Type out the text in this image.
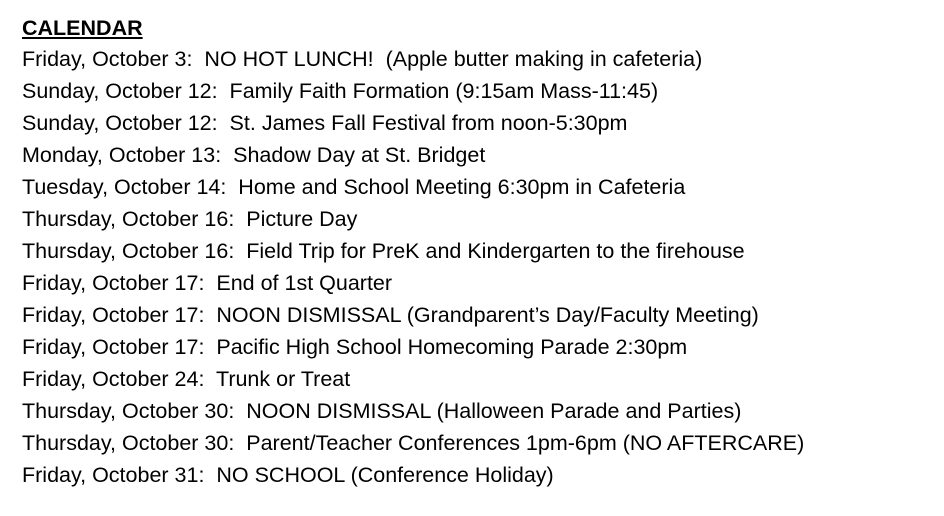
CALENDAR
Friday, October 3:  NO HOT LUNCH!  (Apple butter making in cafeteria)
Sunday, October 12:  Family Faith Formation (9:15am Mass-11:45)
Sunday, October 12:  St. James Fall Festival from noon-5:30pm
Monday, October 13:  Shadow Day at St. Bridget
Tuesday, October 14:  Home and School Meeting 6:30pm in Cafeteria
Thursday, October 16:  Picture Day
Thursday, October 16:  Field Trip for PreK and Kindergarten to the firehouse
Friday, October 17:  End of 1st Quarter
Friday, October 17:  NOON DISMISSAL (Grandparent’s Day/Faculty Meeting)
Friday, October 17:  Pacific High School Homecoming Parade 2:30pm
Friday, October 24:  Trunk or Treat
Thursday, October 30:  NOON DISMISSAL (Halloween Parade and Parties)
Thursday, October 30:  Parent/Teacher Conferences 1pm-6pm (NO AFTERCARE)
Friday, October 31:  NO SCHOOL (Conference Holiday)
